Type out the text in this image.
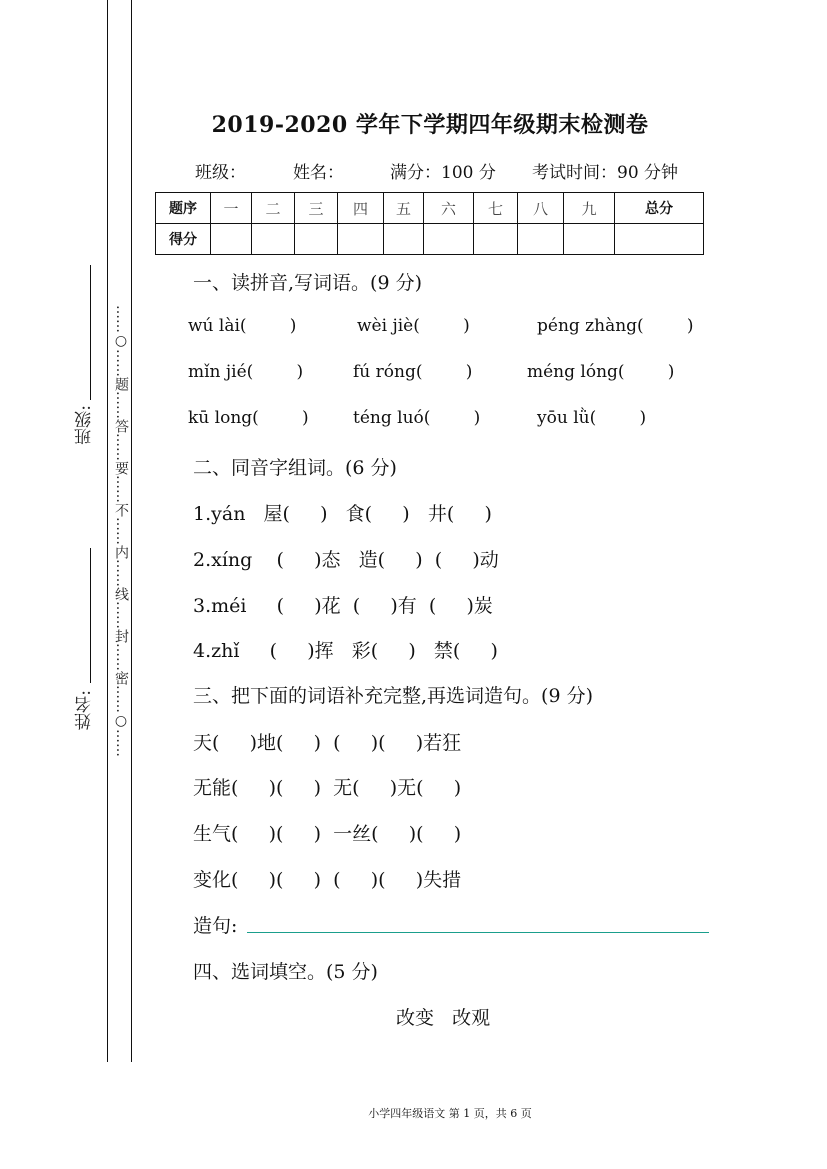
……○……题……答……要……不……内……线……封……密……○……
班级:
姓名:
2019-2020 学年下学期四年级期末检测卷
班级：	姓名：	满分：100 分 考试时间：90 分钟
题序	一	二	三	四	五	六	七	八	九	总分
得分										
一、读拼音,写词语。(9 分)
wú lài(        )	wèi jiè(        )	péng zhàng(        )
mǐn jié(        )	fú róng(        )	méng lóng(        )
kū long(        )	téng luó(        )	yōu lǜ(        )
二、同音字组词。(6 分)
1.yán   屋(     )   食(     )   井(     )
2.xíng    (     )态   造(     )  (     )动
3.méi     (     )花  (     )有  (     )炭
4.zhǐ     (     )挥   彩(     )   禁(     )
三、把下面的词语补充完整,再选词造句。(9 分)
天(     )地(     )  (     )(     )若狂
无能(     )(     )  无(     )无(     )
生气(     )(     )  一丝(     )(     )
变化(     )(     )  (     )(     )失措
造句:
四、选词填空。(5 分)
改变   改观
小学四年级语文 第 1 页，共 6 页
